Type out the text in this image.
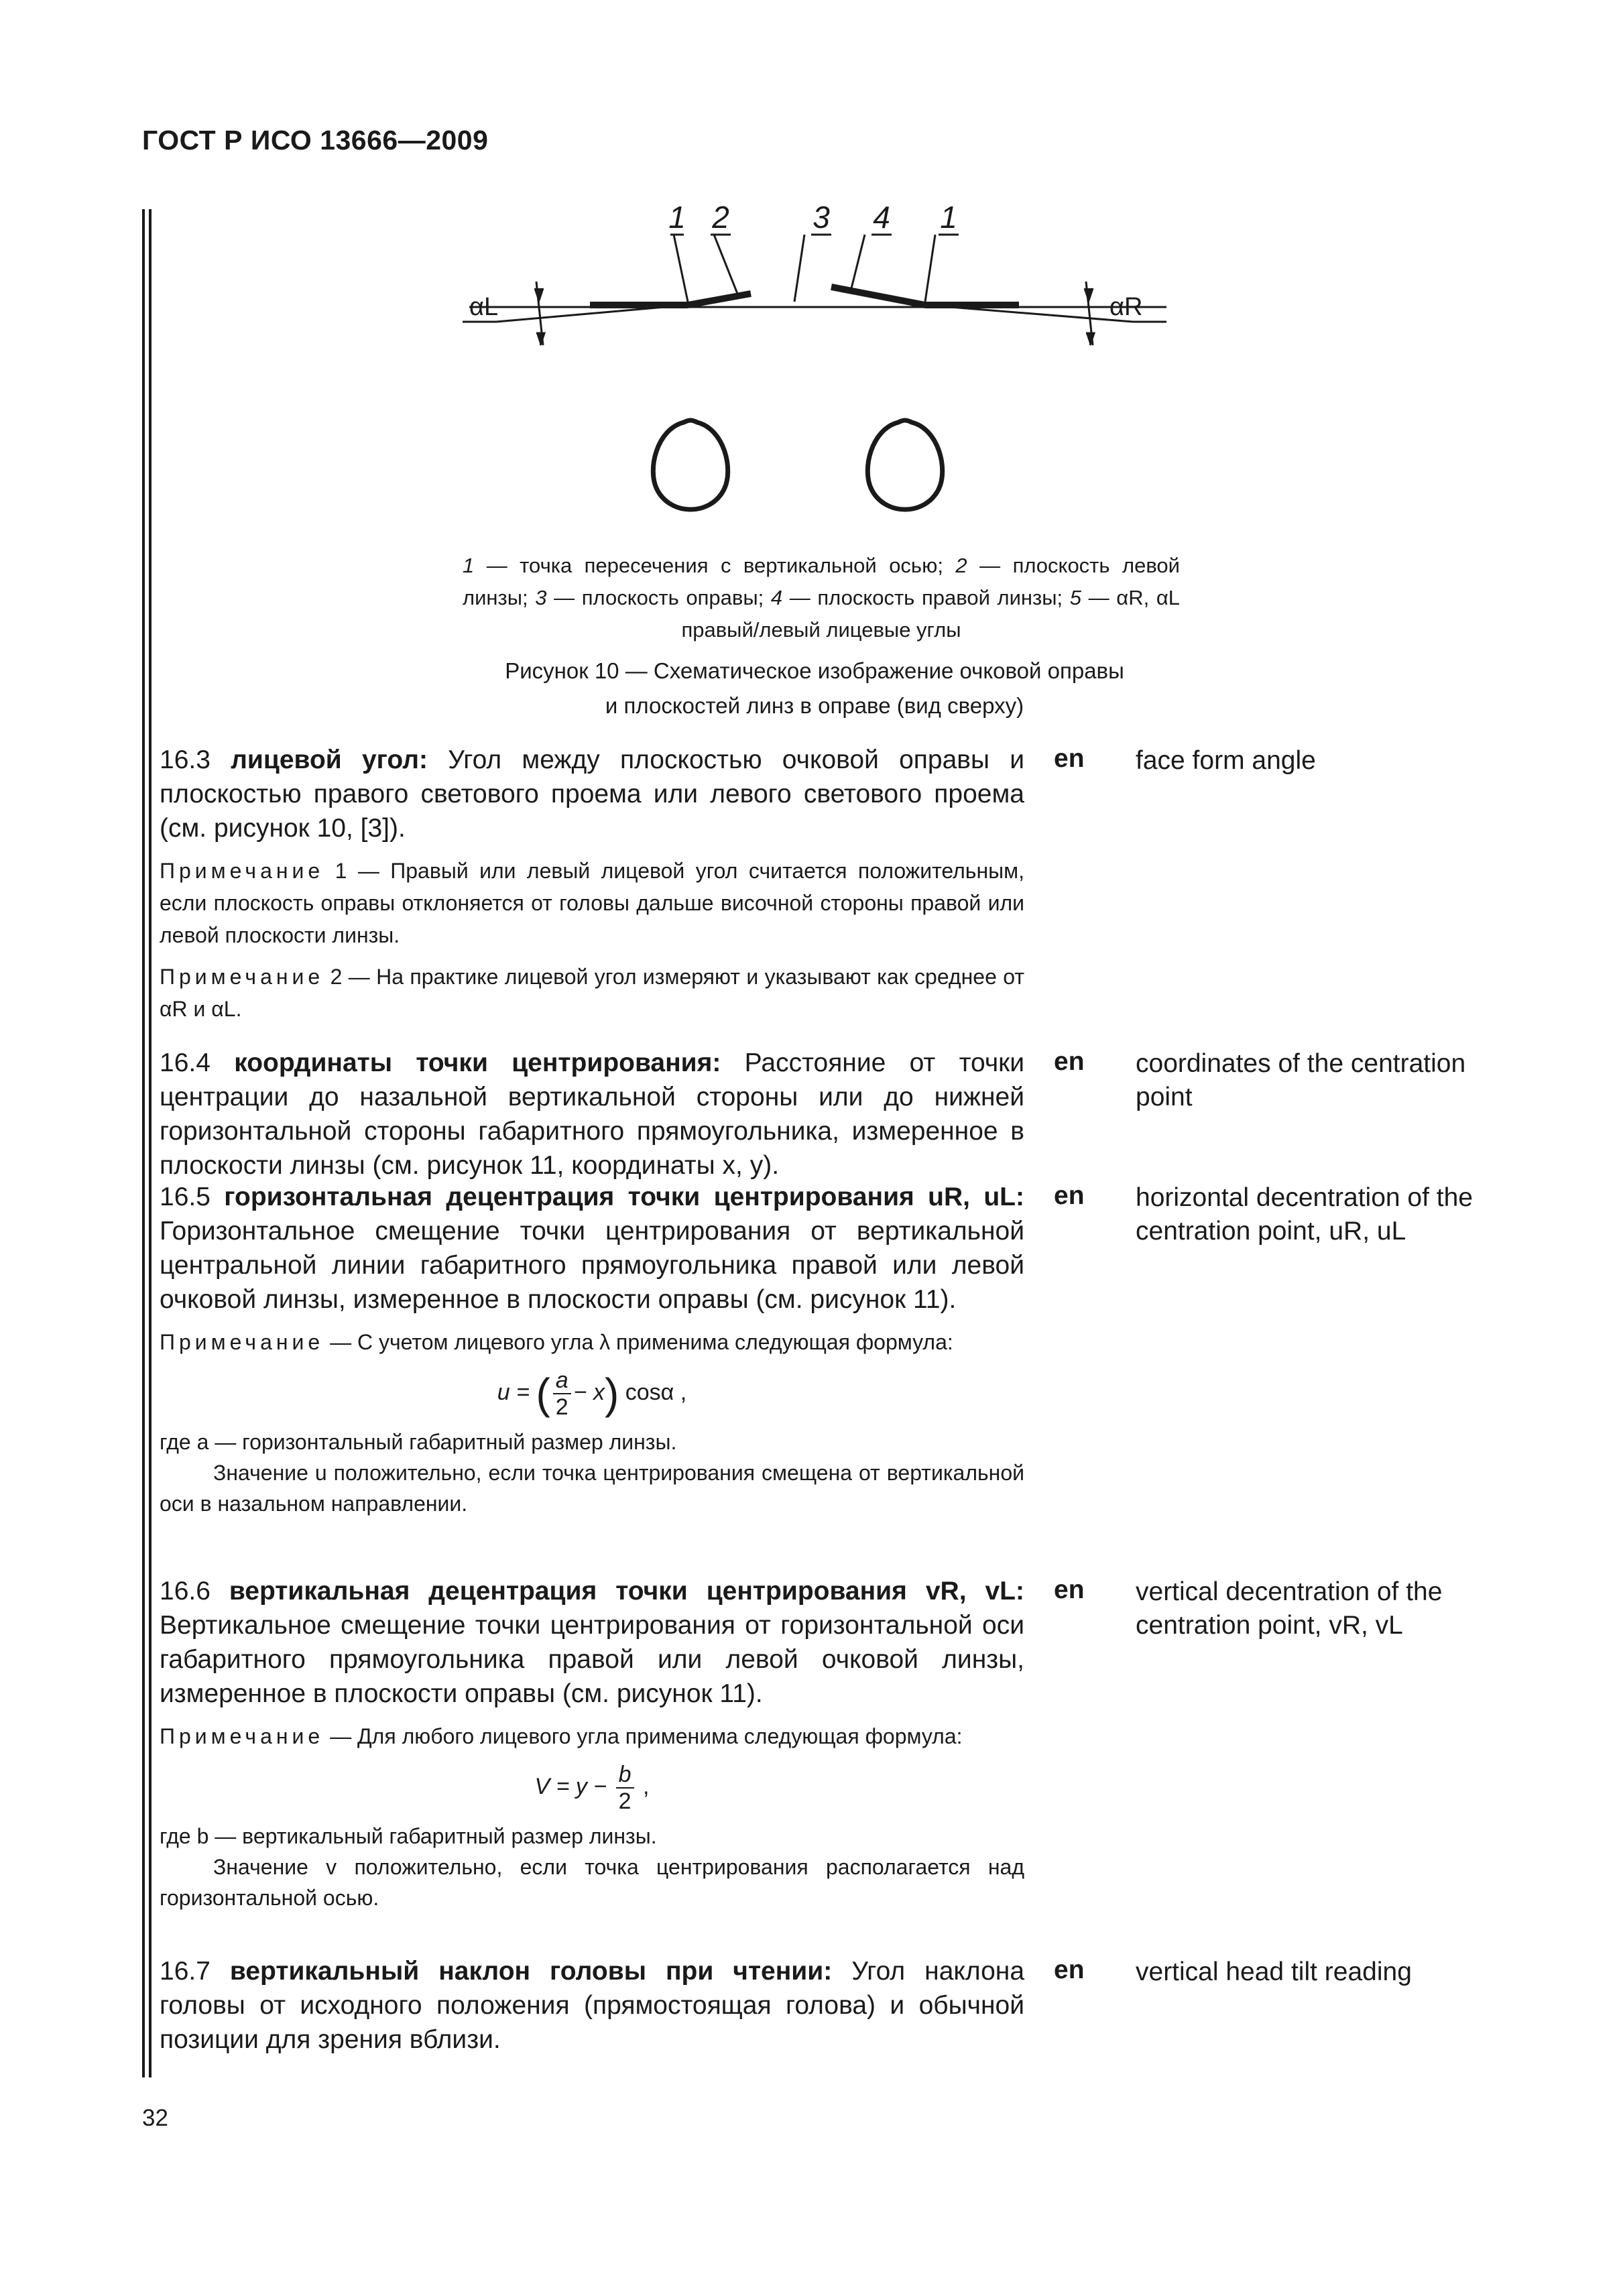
ГОСТ Р ИСО 13666—2009
1 2	3 4 1
αL	αR
1 — точка пересечения с вертикальной осью; 2 — плоскость левой линзы; 3 — плоскость оправы; 4 — плоскость правой линзы; 5 — αR, αL правый/левый лицевые углы
Рисунок 10 — Схематическое изображение очковой оправы
и плоскостей линз в оправе (вид сверху)
16.3 лицевой угол: Угол между плоскостью очковой оправы и плоскостью правого светового проема или левого светового проема (см. рисунок 10, [3]).
Примечание 1 — Правый или левый лицевой угол считается положительным, если плоскость оправы отклоняется от головы дальше височной стороны правой или левой плоскости линзы.
Примечание 2 — На практике лицевой угол измеряют и указывают как среднее от αR и αL.
en face form angle
16.4 координаты точки центрирования: Расстояние от точки центрации до назальной вертикальной стороны или до нижней горизонтальной стороны габаритного прямоугольника, измеренное в плоскости линзы (см. рисунок 11, координаты x, y).
en coordinates of the centration point
16.5 горизонтальная децентрация точки центрирования uR, uL: Горизонтальное смещение точки центрирования от вертикальной центральной линии габаритного прямоугольника правой или левой очковой линзы, измеренное в плоскости оправы (см. рисунок 11).
Примечание — С учетом лицевого угла λ применима следующая формула:
u = ( $\frac{a}{2} - x$) cosα ,
где a — горизонтальный габаритный размер линзы.
Значение u положительно, если точка центрирования смещена от вертикальной оси в назальном направлении.
en horizontal decentration of the centration point, uR, uL
16.6 вертикальная децентрация точки центрирования vR, vL: Вертикальное смещение точки центрирования от горизонтальной оси габаритного прямоугольника правой или левой очковой линзы, измеренное в плоскости оправы (см. рисунок 11).
Примечание — Для любого лицевого угла применима следующая формула:
$V = y - \frac{b}{2}$ ,
где b — вертикальный габаритный размер линзы.
Значение v положительно, если точка центрирования располагается над горизонтальной осью.
en vertical decentration of the centration point, vR, vL
16.7 вертикальный наклон головы при чтении: Угол наклона головы от исходного положения (прямостоящая голова) и обычной позиции для зрения вблизи.
en vertical head tilt reading
32
